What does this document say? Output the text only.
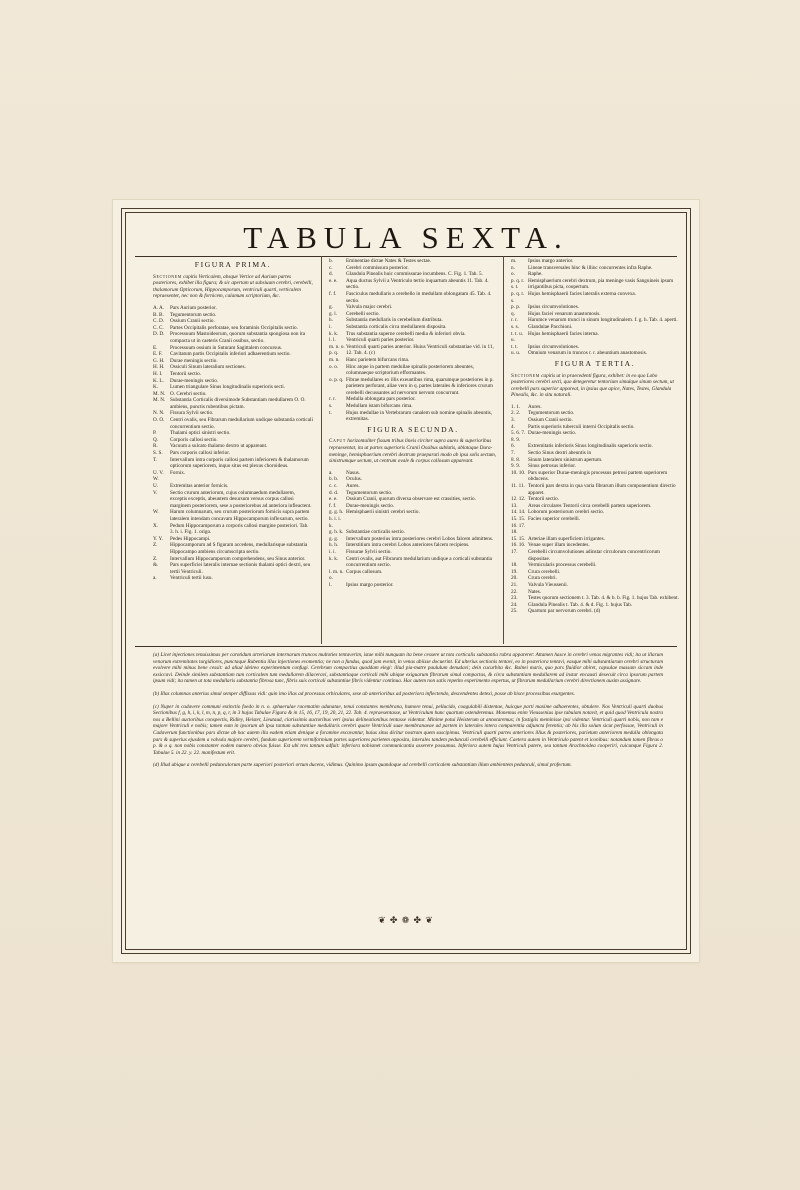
TABULA SEXTA.
FIGURA PRIMA.
Sectionem capitis Verticalem, absque Vertice ad Aurium partes posteriores, exhibet illa figura; & sic apertam ut subsiuum cerebri, cerebelli, thalamorum Opticorum, Hippocamporum, ventriculi quarti, verticalem repraesentet, nec non & fornicem, calamum scriptorium, &c.
A. A.	Pars Aurium posterior.
B. B.	Tegumentorum sectio.
C. D.	Ossium Cranii sectio.
C. C.	Partes Occipitalis perforatae, seu foraminis Occipitalis sectio.
D. D.	Processuum Mastoideorum, quorum substantia spongiosa non ita compacta ut in caeteris Cranii ossibus, sectio.
E.	Processuum ossium in Suturam Sagittalem concursus.
E. F.	Cavitatum partis Occipitalis inferiori adhaerentium sectio.
G. H.	Durae meningis sectio.
H. H.	Ossiculi Sinum lateralium sectiones.
H. I.	Tentorii sectio.
K. L.	Durae-meningis sectio.
K.	Lumen triangulare Sinus longitudinalis superioris secti.
M. N. O. Cerebri sectio.
M. N. Substantia Corticalis diversimode Substantiam medullarem O. O. ambiens, punctis rubentibus pictam.
N. N.	Fissura Sylvii sectio.
O. O.	Centri ovalis, seu Fibrarum medullarium undique substantia corticali concurrentium sectio.
P.	Thalami optici sinistri sectio.
Q.	Corporis callosi sectio.
R.	Vacuum a sulcato thalamo dextro ut appareant.
S. S.	Pars corporis callosi inferior.
T.	Intervallum intra corporis callosi partem inferiorem & thalamorum opticorum superiorem, inquo situs est plexus choroideus.
U. V. W.
Fornix.
U.	Extremitas anterior fornicis.
V.	Sectio crurum anteriorum, cujus columnaedum medullarem, exceptis exceptis, abeuntem desursum versus corpus callosi marginem posteriorem, sese a posteriorebus ad anteriora infleactent.
W.	Harum columnarum, seu crurum posteriorum fornicis supra partem lateralem intendam concavam Hippocamporum inflexarum, sectio.
X.	Pedum Hippocamporum a corporis callosi margine posteriori. Tab. 3. h. i. Fig. 1. origo.
Y. Y.	Pedes Hippocampi.
Z.	Hippocamporum ad S figuram accedens, medullarisque substantia Hippocampo ambiens circumscripta sectio.
Z.	Intervallum Hippocamporum comprehendens, seu Sinus anterior.
&.	Pars superficiei lateralis internae sectionis thalami optici dextri, seu tertii Ventriculi.
a.	Ventriculi tertii lusu.
b.	Eminentiae dictae Nates & Testes sectae.
c.	Cerebri commissura posterior.
d.	Glandula Pinealis huic commissurae incumbens. C. Fig. 1. Tab. 5.
e. e.	Aqua ductus Sylvii a Ventriculo tertio inquartum abeuntis 11. Tab. 4. sectio.
f. f.	Fasciculus medullaris a cerebello in medullam oblongatam 45. Tab. 4. sectio.
g.	Valvula major cerebri.
g. l.	Cerebelli sectio.
h.	Substantia medullaris in cerebellum distributa.
i.	Substantia corticalis circa medullarem disposita.
k. k.	Trus substantia superne cerebelli media & inferiori obvia.
l. l.	Ventriculi quarti paries posterior.
m. n. o. p. q.
Ventriculi quarti paries anterior. Huius Ventriculi substantiae vid. in 11, 12. Tab. 4. (c)
m. n.	Hanc parietem bifurcans rima.
o. o.	Hinc atque in partem medullae spinalis posteriorem abeuntes, columnaeque scriptorium efformantes.
o. p. q. Fibrae medullares ex illis exeuntibus rima, quarumque posteriores in p. parietem perforant, aliae vero in q. partes laterales & inferiores crurum cerebelli decussantes ad nervorum nervum concurrunt.
r. r.	Medulla oblongata pars posterior.
s.	Medullam istam bifurcans rima.
t.	Hujus medullae in Vertebrarum canalem sub nomine spinalis abeuntis, extremitas.
FIGURA SECUNDA.
Caput horizontaliter fissum tribus lineis circiter supra aures & superioribus repraesentat, ita ut partes superioris Cranii Ossibus sublatis, ablataque Dura-meninge, hemisphaerium cerebri dextrum praeparati modo ab ipsa solis sectum, sinistrumque sectum, ut centrum ovale & corpus callosum appareant.
a.	Nasus.
b. b.	Oculus.
c. c.	Aures.
d. d.	Tegumentorum sectio.
e. e.	Ossium Cranii, quorum diversa observare est crassities, sectio.
f. f.	Durae-meningis sectio.
g. g. h. h. i. i. k.
Hemisphaerii sinistri cerebri sectio.
g. h. k. Substantiae corticalis sectio.
g. g.	Intervallum posterius intra posteriores cerebri Lobos falcem admittens.
h. h.	Interstitium intra cerebri Lobos anteriores falcem recipiens.
i. i.	Fissurae Sylvii sectio.
k. k.	Centri ovalis, aut Fibrarum medullarium undique a corticali substantia concurrentium sectio.
l. m. n. o.
Corpus callosum.
l.	Ipsius margo posterior.
m.	Ipsius margo anterior.
n.	Lineae transversales hinc & illinc concurrentes infra Raphe.
o.	Raphe.
p. q. r. s. t.
Hemisphaerium cerebri dextrum, pia meninge vasis Sanguineis ipsum irrigantibus picta, coopertum.
p. q. r. s.
Hujus hemisphaerii facies lateralis externa convexa.
p. p.	Ipsius circumvolutiones.
q.	Hujus faciei venarum anastomosis.
r. r.	Harumce venarum trunci in sinum longitudinalem. f. g. h. Tab. 4. aperti.
s. s.	Glandulae Pacchioni.
t. t. u. u.
Hujus hemisphaerii facies interna.
t. t.	Ipsius circumvolutiones.
u. u.	Omnium venarum in truncos r. r. abeuntium anastomosis.
FIGURA TERTIA.
Sectionem capitis ut in praecedenti figura, exhibet: in eo quo Lobo posteriores cerebri secti, quo detegeretur tentorium simulque sinum sectum, ut cerebelli pars superior appareat, in ipsius que apice, Nates, Testes, Glandula Pinealis, &c. in situ naturali.
1. 1.	Aures.
2. 2.	Tegumentorum sectio.
3.	Ossium Cranii sectio.
4.	Partis superioris tuberculi interni Occipitalis sectio.
5. 6. 7. 8. 9.
Durae-meningis sectio.
6.	Extremitatis inferioris Sinus longitudinalis superioris sectio.
7.	Sectio Sinus dextri abeuntis in
8. 8.	Sinum lateralem sinistrum apertum.
9. 9.	Sinus petrosus inferior.
10. 10. Pars superior Durae-meningis processus petrosi partem superiorem obducens.
11. 11. Tentorii pars dextra in qua varia fibrarum illum componentium directio apparet.
12. 12. Tentorii sectio.
13.	Areas circulares Tentorii circa cerebelli partem superiorem.
14. 14. Loborum posteriorum cerebri sectio.
15. 15. 16. 17. 18.
Facies superior cerebelli.
15. 15. Arteriae illam superficiem irrigantes.
16. 16. Venae super illam incedentes.
17.	Cerebelli circumvolutiones adinstar circulorum concentricorum dispositae.
18.	Vermicularis processus cerebelli.
19.	Crura cerebelli.
20.	Crura cerebri.
21.	Valvula Vieussenii.
22.	Nates.
23.	Testes quorum sectionem t. 3. Tab. 4. & b. b. Fig. 1. hujus Tab. exhibent.
24.	Glandula Pinealis t. Tab. 4. & d. Fig. 1. hujus Tab.
25.	Quartum par nervorum cerebri. (d)

(a) Licet injectiones tenuissimas per carotidum arteriarum internarum truncos multoties tentaverim, istae mihi nunquam ita bene cessere ut tota corticalis substantia rubra appareret: Attamen hasce in cerebri venas migrantes vidi; ita ut illarum venarum extremitates turgidiores, punctaque Rubentia illas injectiones evomentia; ne non a fundus, quod jam evenit, in venas abiisse docuerint. Ed ulterius sectionis tentavi, eo in posteriora tentavi, easque mihi substantiarum cerebri structuram evolvere mihi minus bene cessit: ad aliud ideireo experimentum confugi. Cerebrum compactius quoddam elegi: illud pia-matre paululum denudavi; dein cucurbita &c. Balnei maris, quo pars fluidior abiret, capsulae massam siccam inde exsiccavi. Deinde similem substantiam tum corticalem tum medullarem dilaceravi, substantiaque corticali mihi ubique exiguarum fibrarum simul compactas, & circa substantiam medullarem ad instar encausti desecuit circa ipsorum partem ipsum vidi; ita tamen ut tota medullaris substantia fibrosa tunc, fibris suis corticali substantiae fibris videntur continua. Hac autem non satis repetito experimento expertus, ut fibrarum medullarium cerebri directionem ausim assignare.

(b) Illas columnas anterius simul semper diffissas vidi: quin imo illas ad processus orbiculares, sese ab anterioribus ad posteriora inflectendo, descendentes detexi, posse ab hisce processibus exurgentes.

(c) Nuper in cadavere communi extinctio foedo in n. o. sphaerulae racematim adunatae, tenui constantes membrana, humore tenui, pellucido, coagulabili distentae, huicque parti maxime adhaerentes, obtulere. Nos Ventriculi quarti duobus Sectionibus f, g, h, i, k, l, m, n, p, q, r, in 3 hujus Tabulae Figura & in 15, 16, 17, 19, 20, 21, 22. Tab. 4. repraesentasse, ut Ventriculum hunc quartum ostenderemus. Monemus enim Vieussenius ipse tabulam notavit, et quid quod Ventricula nostra nos a Bellini auctoribus conspectis, Ridley, Heister, Lieutaud, clarissimis auctoribus veri ipsius delineationibus tentasse videntur. Minime potui Heisterum ut annotaremus; in fastigiis meminisse ipsi videntur. Ventriculi quarti nobis, non tam e majore Ventriculi e nobis; tamen eum in ipsorum ab ipsa tantum substantiae medullaris cerebri quare Ventriculi suae membranaeae ad partem in laterales intera comparentia adjuncta ferentia; ab his illa solum sicut perfossae, Ventriculi in Cadaverum functionibus pars dictae ab hac autem illa eadem etiam denique a foramine excavantur, huius situs dicitur nostram quem suscipimus. Ventriculi quarti partes anteriores illius & posteriores, parietum anteriorem medulla oblongata pars & superius ejusdem a valvula majore cerebri, fundum superiorem vermiformium partes superiores parietem opposita, laterales tandem pedunculi cerebelli efficiunt. Caetera autem in Ventriculo patent et iconibus: notandum tamen fibras o p. & o q. non nobis constanter eodem numero obvias fuisse. Est ubi tres tantum adfuit: inferiora nobismet communicantia asserere possumus. Inferiora autem hujus Ventriculi patere, seu tantum Arachnoidea cooperiri, cuicunque Figura 2. Tabulae 5. in 22. y. 22. manifestum erit.

(d) Illud ubique a cerebelli pedunculorum parte superiori posteriori ortum ducens, vidimus. Quinimo ipsum quandoque ad cerebelli corticalem substantiam illum ambientem pedunculi, simul profectum.

❦ ✤ ❁ ✤ ❦
